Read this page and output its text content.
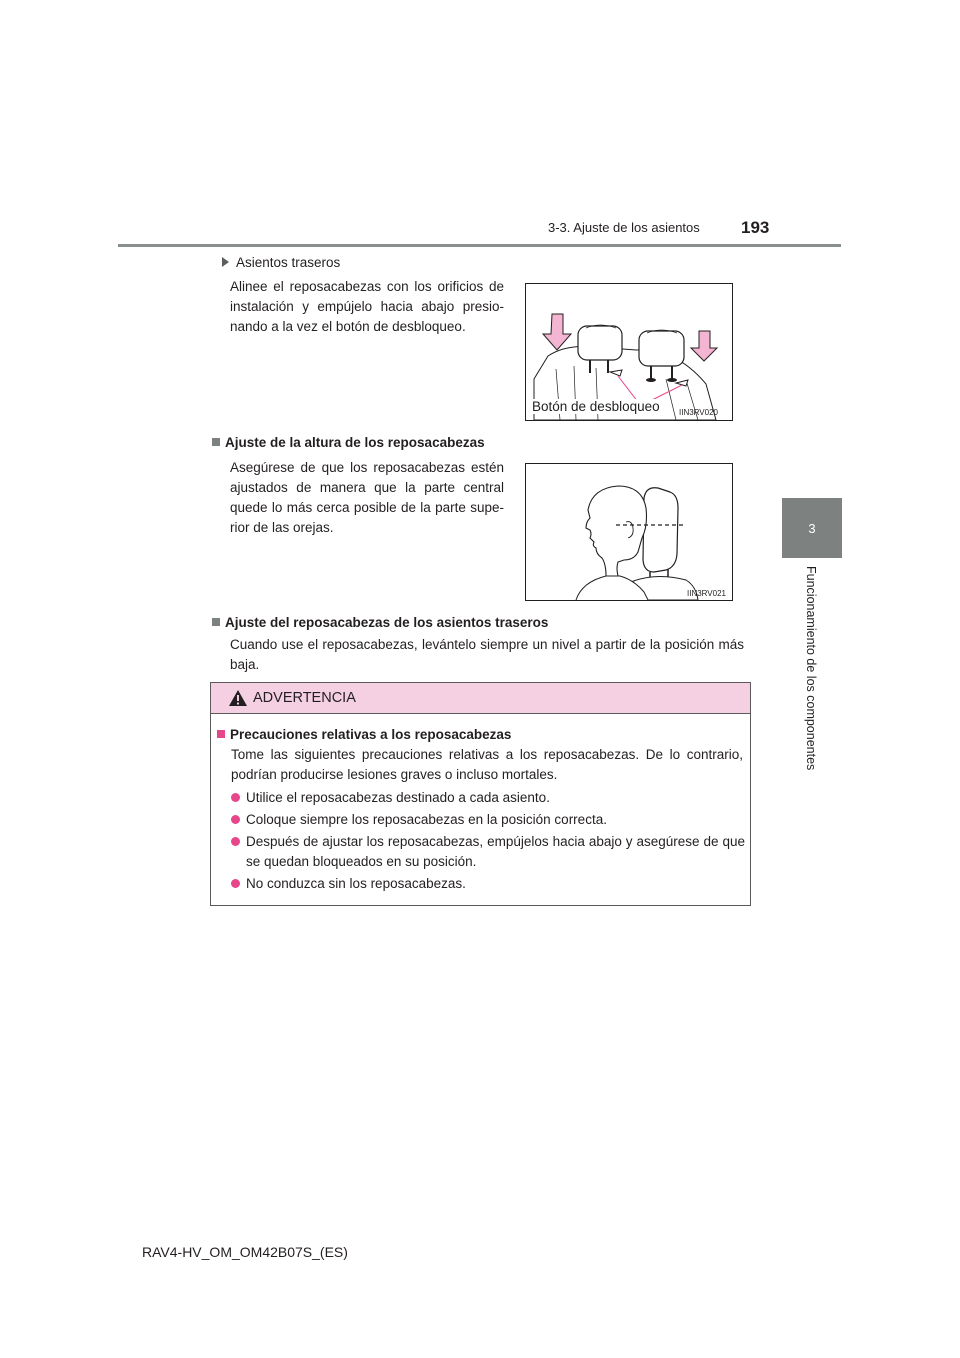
3-3. Ajuste de los asientos 193
3
Funcionamiento de los componentes
Asientos traseros

Alinee el reposacabezas con los orificios de instalación y empújelo hacia abajo presio-nando a la vez el botón de desbloqueo.

Botón de desbloqueo IIN3RV020
Ajuste de la altura de los reposacabezas

Asegúrese de que los reposacabezas estén ajustados de manera que la parte central quede lo más cerca posible de la parte supe-rior de las orejas.

IIN3RV021
Ajuste del reposacabezas de los asientos traseros

Cuando use el reposacabezas, levántelo siempre un nivel a partir de la posición más baja.

ADVERTENCIA
Precauciones relativas a los reposacabezas

Tome las siguientes precauciones relativas a los reposacabezas. De lo contrario, podrían producirse lesiones graves o incluso mortales.

Utilice el reposacabezas destinado a cada asiento.
Coloque siempre los reposacabezas en la posición correcta.
Después de ajustar los reposacabezas, empújelos hacia abajo y asegúrese de que se quedan bloqueados en su posición.
No conduzca sin los reposacabezas.
RAV4-HV_OM_OM42B07S_(ES)
